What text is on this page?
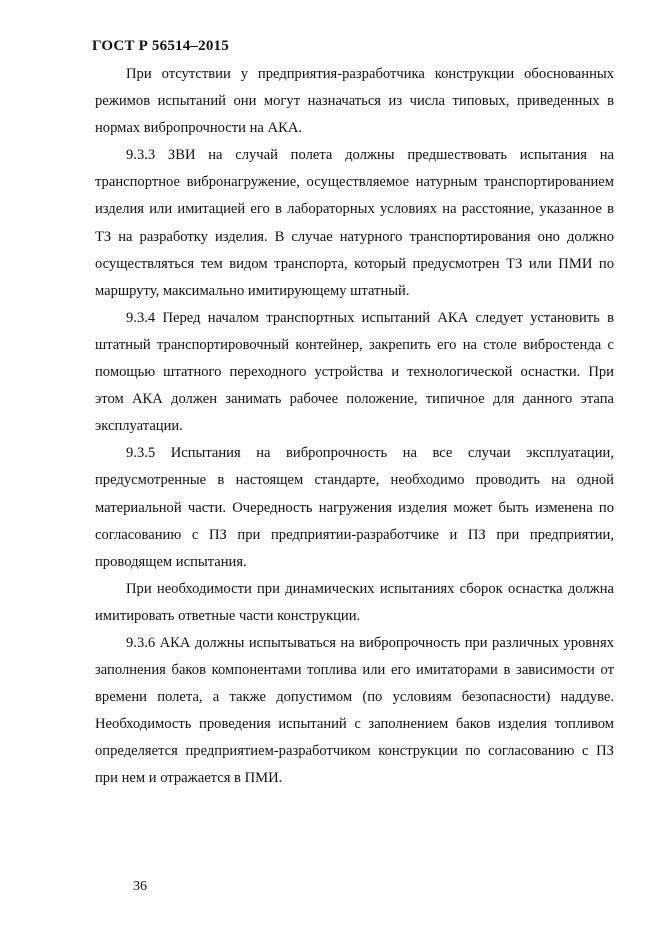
ГОСТ Р 56514–2015

При отсутствии у предприятия-разработчика конструкции обоснованных режимов испытаний они могут назначаться из числа типовых, приведенных в нормах вибропрочности на АКА.

9.3.3 ЗВИ на случай полета должны предшествовать испытания на транспортное вибронагружение, осуществляемое натурным транспортированием изделия или имитацией его в лабораторных условиях на расстояние, указанное в ТЗ на разработку изделия. В случае натурного транспортирования оно должно осуществляться тем видом транспорта, который предусмотрен ТЗ или ПМИ по маршруту, максимально имитирующему штатный.

9.3.4 Перед началом транспортных испытаний АКА следует установить в штатный транспортировочный контейнер, закрепить его на столе вибростенда с помощью штатного переходного устройства и технологической оснастки. При этом АКА должен занимать рабочее положение, типичное для данного этапа эксплуатации.

9.3.5 Испытания на вибропрочность на все случаи эксплуатации, предусмотренные в настоящем стандарте, необходимо проводить на одной материальной части. Очередность нагружения изделия может быть изменена по согласованию с ПЗ при предприятии-разработчике и ПЗ при предприятии, проводящем испытания.

При необходимости при динамических испытаниях сборок оснастка должна имитировать ответные части конструкции.

9.3.6 АКА должны испытываться на вибропрочность при различных уровнях заполнения баков компонентами топлива или его имитаторами в зависимости от времени полета, а также допустимом (по условиям безопасности) наддуве. Необходимость проведения испытаний с заполнением баков изделия топливом определяется предприятием-разработчиком конструкции по согласованию с ПЗ при нем и отражается в ПМИ.

36
